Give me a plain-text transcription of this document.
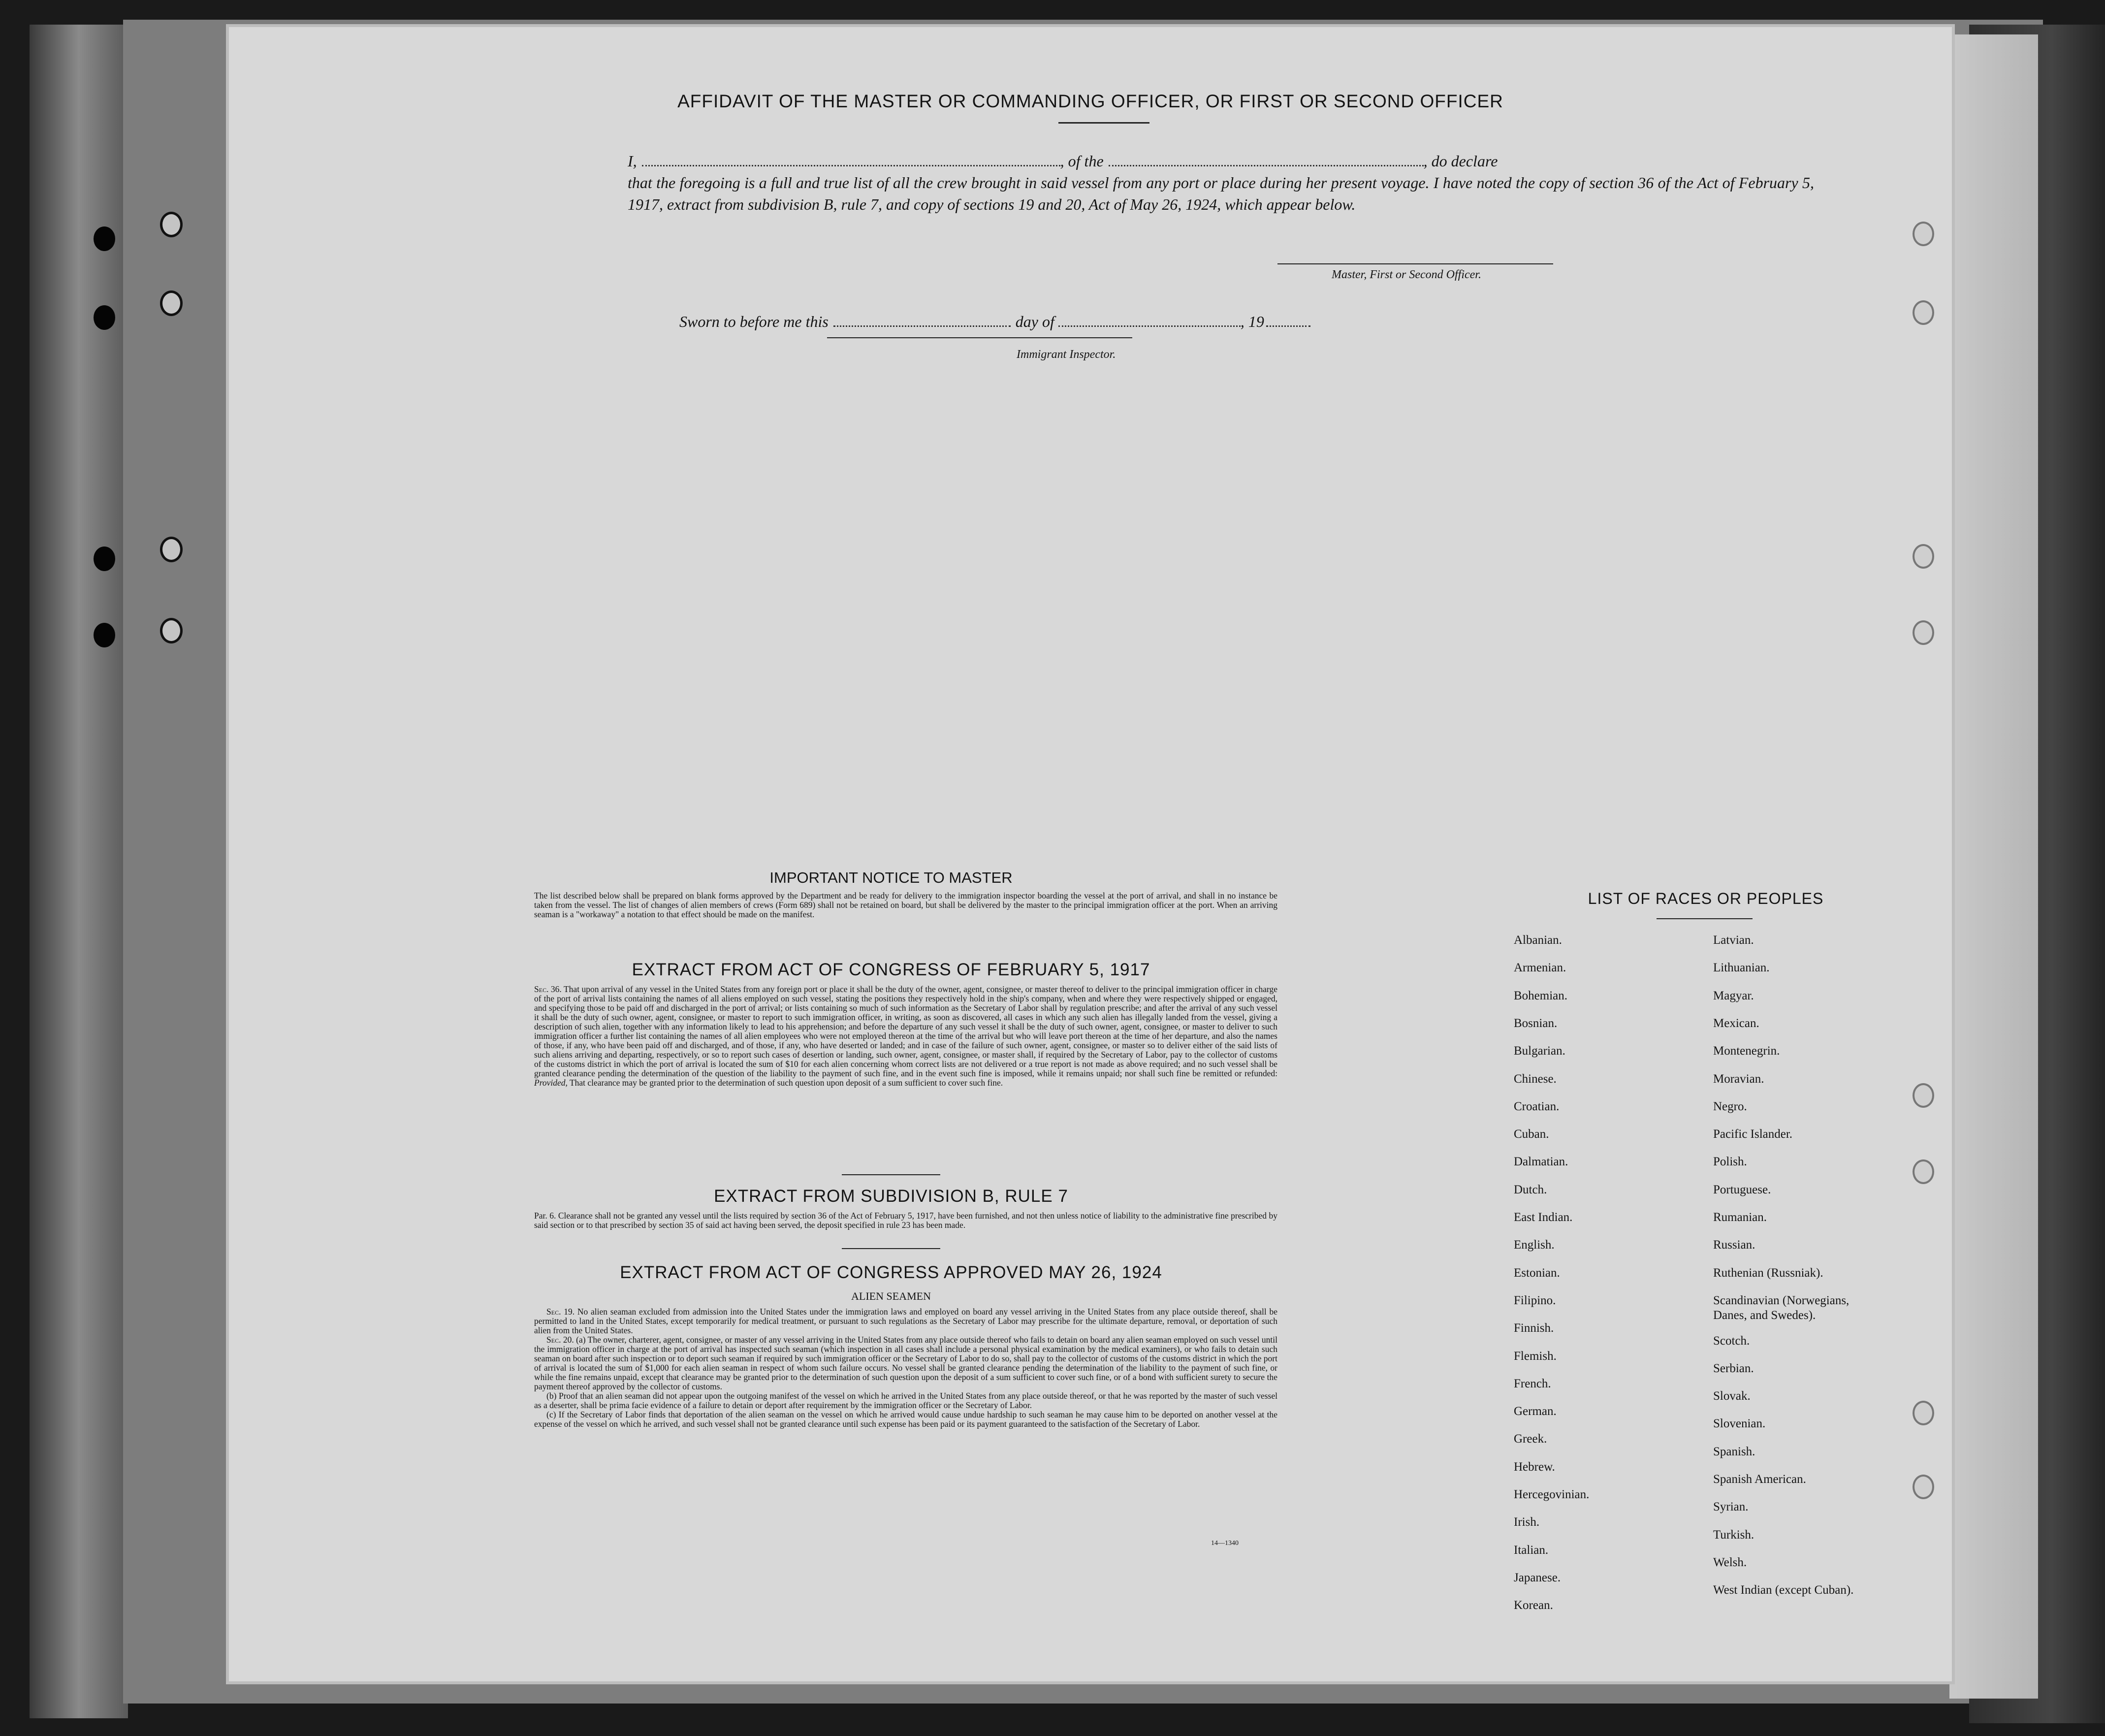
AFFIDAVIT OF THE MASTER OR COMMANDING OFFICER, OR FIRST OR SECOND OFFICER
I,	, of the	, do declare
that the foregoing is a full and true list of all the crew brought in said vessel from any port or place during her present voyage. I have noted the copy of section 36 of the Act of February 5, 1917, extract from subdivision B, rule 7, and copy of sections 19 and 20, Act of May 26, 1924, which appear below.
Master, First or Second Officer.
Sworn to before me this	day of	, 19
Immigrant Inspector.
IMPORTANT NOTICE TO MASTER
The list described below shall be prepared on blank forms approved by the Department and be ready for delivery to the immigration inspector boarding the vessel at the port of arrival, and shall in no instance be taken from the vessel. The list of changes of alien members of crews (Form 689) shall not be retained on board, but shall be delivered by the master to the principal immigration officer at the port. When an arriving seaman is a "workaway" a notation to that effect should be made on the manifest.
EXTRACT FROM ACT OF CONGRESS OF FEBRUARY 5, 1917
Sec. 36. That upon arrival of any vessel in the United States from any foreign port or place it shall be the duty of the owner, agent, consignee, or master thereof to deliver to the principal immigration officer in charge of the port of arrival lists containing the names of all aliens employed on such vessel, stating the positions they respectively hold in the ship's company, when and where they were respectively shipped or engaged, and specifying those to be paid off and discharged in the port of arrival; or lists containing so much of such information as the Secretary of Labor shall by regulation prescribe; and after the arrival of any such vessel it shall be the duty of such owner, agent, consignee, or master to report to such immigration officer, in writing, as soon as discovered, all cases in which any such alien has illegally landed from the vessel, giving a description of such alien, together with any information likely to lead to his apprehension; and before the departure of any such vessel it shall be the duty of such owner, agent, consignee, or master to deliver to such immigration officer a further list containing the names of all alien employees who were not employed thereon at the time of the arrival but who will leave port thereon at the time of her departure, and also the names of those, if any, who have been paid off and discharged, and of those, if any, who have deserted or landed; and in case of the failure of such owner, agent, consignee, or master so to deliver either of the said lists of such aliens arriving and departing, respectively, or so to report such cases of desertion or landing, such owner, agent, consignee, or master shall, if required by the Secretary of Labor, pay to the collector of customs of the customs district in which the port of arrival is located the sum of $10 for each alien concerning whom correct lists are not delivered or a true report is not made as above required; and no such vessel shall be granted clearance pending the determination of the question of the liability to the payment of such fine, and in the event such fine is imposed, while it remains unpaid; nor shall such fine be remitted or refunded: Provided, That clearance may be granted prior to the determination of such question upon deposit of a sum sufficient to cover such fine.
EXTRACT FROM SUBDIVISION B, RULE 7
Par. 6. Clearance shall not be granted any vessel until the lists required by section 36 of the Act of February 5, 1917, have been furnished, and not then unless notice of liability to the administrative fine prescribed by said section or to that prescribed by section 35 of said act having been served, the deposit specified in rule 23 has been made.
EXTRACT FROM ACT OF CONGRESS APPROVED MAY 26, 1924
ALIEN SEAMEN
Sec. 19. No alien seaman excluded from admission into the United States under the immigration laws and employed on board any vessel arriving in the United States from any place outside thereof, shall be permitted to land in the United States, except temporarily for medical treatment, or pursuant to such regulations as the Secretary of Labor may prescribe for the ultimate departure, removal, or deportation of such alien from the United States.
Sec. 20. (a) The owner, charterer, agent, consignee, or master of any vessel arriving in the United States from any place outside thereof who fails to detain on board any alien seaman employed on such vessel until the immigration officer in charge at the port of arrival has inspected such seaman (which inspection in all cases shall include a personal physical examination by the medical examiners), or who fails to detain such seaman on board after such inspection or to deport such seaman if required by such immigration officer or the Secretary of Labor to do so, shall pay to the collector of customs of the customs district in which the port of arrival is located the sum of $1,000 for each alien seaman in respect of whom such failure occurs. No vessel shall be granted clearance pending the determination of the liability to the payment of such fine, or while the fine remains unpaid, except that clearance may be granted prior to the determination of such question upon the deposit of a sum sufficient to cover such fine, or of a bond with sufficient surety to secure the payment thereof approved by the collector of customs.
(b) Proof that an alien seaman did not appear upon the outgoing manifest of the vessel on which he arrived in the United States from any place outside thereof, or that he was reported by the master of such vessel as a deserter, shall be prima facie evidence of a failure to detain or deport after requirement by the immigration officer or the Secretary of Labor.
(c) If the Secretary of Labor finds that deportation of the alien seaman on the vessel on which he arrived would cause undue hardship to such seaman he may cause him to be deported on another vessel at the expense of the vessel on which he arrived, and such vessel shall not be granted clearance until such expense has been paid or its payment guaranteed to the satisfaction of the Secretary of Labor.
14—1340
LIST OF RACES OR PEOPLES
Albanian.
Armenian.
Bohemian.
Bosnian.
Bulgarian.
Chinese.
Croatian.
Cuban.
Dalmatian.
Dutch.
East Indian.
English.
Estonian.
Filipino.
Finnish.
Flemish.
French.
German.
Greek.
Hebrew.
Hercegovinian.
Irish.
Italian.
Japanese.
Korean.
Latvian.
Lithuanian.
Magyar.
Mexican.
Montenegrin.
Moravian.
Negro.
Pacific Islander.
Polish.
Portuguese.
Rumanian.
Russian.
Ruthenian (Russniak).
Scandinavian (Norwegians,
Danes, and Swedes).
Scotch.
Serbian.
Slovak.
Slovenian.
Spanish.
Spanish American.
Syrian.
Turkish.
Welsh.
West Indian (except Cuban).
